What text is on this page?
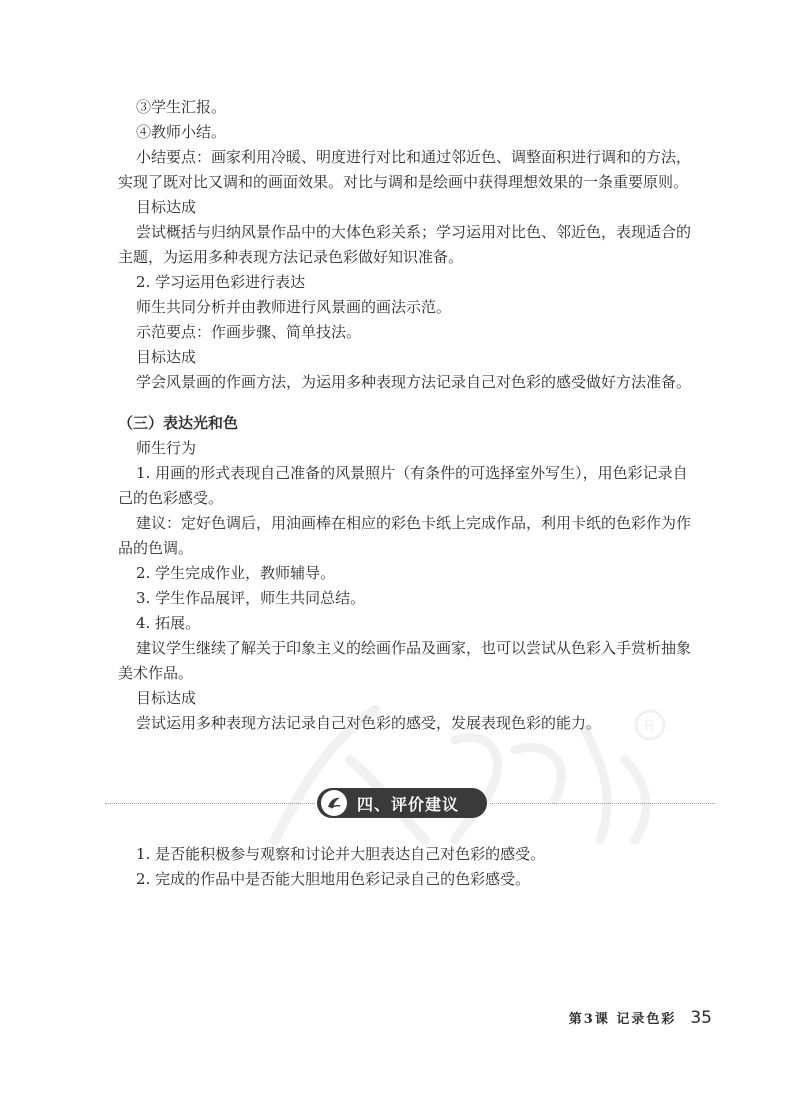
③学生汇报。

④教师小结。

小结要点：画家利用冷暖、明度进行对比和通过邻近色、调整面积进行调和的方法，

实现了既对比又调和的画面效果。对比与调和是绘画中获得理想效果的一条重要原则。

目标达成

尝试概括与归纳风景作品中的大体色彩关系；学习运用对比色、邻近色，表现适合的

主题，为运用多种表现方法记录色彩做好知识准备。

2. 学习运用色彩进行表达

师生共同分析并由教师进行风景画的画法示范。

示范要点：作画步骤、简单技法。

目标达成

学会风景画的作画方法，为运用多种表现方法记录自己对色彩的感受做好方法准备。

（三）表达光和色

师生行为

1. 用画的形式表现自己准备的风景照片（有条件的可选择室外写生），用色彩记录自

己的色彩感受。

建议：定好色调后，用油画棒在相应的彩色卡纸上完成作品，利用卡纸的色彩作为作

品的色调。

2. 学生完成作业，教师辅导。

3. 学生作品展评，师生共同总结。

4. 拓展。

建议学生继续了解关于印象主义的绘画作品及画家，也可以尝试从色彩入手赏析抽象

美术作品。

目标达成

尝试运用多种表现方法记录自己对色彩的感受，发展表现色彩的能力。	R
四、评价建议

1. 是否能积极参与观察和讨论并大胆表达自己对色彩的感受。

2. 完成的作品中是否能大胆地用色彩记录自己的色彩感受。

第3课 记录色彩 35
